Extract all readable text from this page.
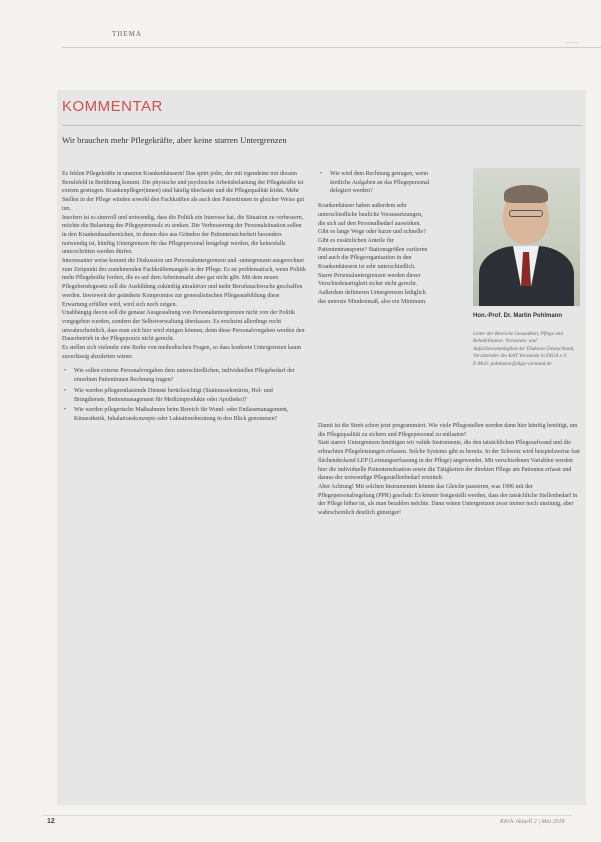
THEMA
KOMMENTAR
Wir brauchen mehr Pflegekräfte, aber keine starren Untergrenzen

Es fehlen Pflegekräfte in unseren Krankenhäusern! Das spürt jeder, der mit irgendeine mit diesem Berufsfeld in Berührung kommt. Die physische und psychische Arbeitsbelastung der Pflegekräfte ist extrem gestiegen. Krankenpfleger(innen) sind häufig überlastet und die Pflegequalität leidet. Mehr Stellen in der Pflege würden sowohl den Fachkräften als auch den Patientinnen in gleicher Weise gut tun.

Insofern ist es sinnvoll und notwendig, dass die Politik ein Interesse hat, die Situation zu verbessern, möchte die Belastung des Pflegepersonals zu senken. Die Verbesserung der Personalsituation sollen in den Krankenhausbereichen, in denen dies aus Gründen der Patientensicherheit besonders notwendig ist, künftig Untergrenzen für das Pflegepersonal festgelegt werden, die keinesfalls unterschritten werden dürfen.

Interessanter weise kommt die Diskussion um Personaluntergrenzen und -untergrenzen ausgerechnet zum Zeitpunkt des zunehmenden Fachkräftemangels in der Pflege. Es ist problematisch, wenn Politik mehr Pflegekräfte fordert, die es auf dem Arbeitsmarkt aber gar nicht gibt. Mit dem neuen Pflegeberufegesetz soll die Ausbildung zukünftig attraktiver und mehr Berufsnachwuchs geschaffen werden. Inwieweit der geänderte Kompromiss zur generalistischen Pflegeausbildung diese Erwartung erfüllen wird, wird sich noch zeigen.

Unabhängig davon soll die genaue Ausgestaltung von Personaluntergrenzen nicht von der Politik vorgegeben werden, sondern der Selbstverwaltung überlassen. Es erscheint allerdings recht unwahrscheinlich, dass man sich hier wird einigen können, denn diese Personalvorgaben werden den Dauerbetrieb in der Pflegepraxis nicht gerecht.

Es stellen sich vielmehr eine Reihe von methodischen Fragen, so dass konkrete Untergrenzen kaum zuverlässig abzuleiten wären:

• Wie sollen externe Personalvorgaben dem unterschiedlichen, individuellen Pflegebedarf der einzelnen Patientinnen Rechnung tragen?
• Wie werden pflegeentlastende Dienste berücksichtigt (Stationssekretärin, Hol- und Bringdienste, Bettenmanagement für Medizinprodukte oder Apotheke)?
• Wie werden pflegerische Maßnahmen beim Bereich für Wund- oder Entlassmanagement, Kinaesthetik, Inhalationskonzepte oder Laktationsberatung in den Blick genommen?
• Wie wird dem Rechnung getragen, wenn ärztliche Aufgaben an das Pflegepersonal delegiert werden?

Krankenhäuser haben außerdem sehr unterschiedliche bauliche Voraussetzungen, die sich auf den Personalbedarf auswirken. Gibt es lange Wege oder kurze und schnelle? Gibt es zusätzlichen Anteile für Patiententransporte? Stationsgrößen variieren und auch die Pflegeorganisation in den Krankenhäusern ist sehr unterschiedlich.

Starre Personaluntergrenzen werden dieser Verschiedenartigkeit sicher nicht gerecht. Außerdem definieren Untergrenzen lediglich das unterste Mindestmaß, also ein Minimum.

Damit ist die Streit schon jetzt programmiert. Wie viele Pflegestellen werden dann hier künftig benötigt, um die Pflegequalität zu sichern und Pflegepersonal zu entlasten?

Statt starrer Untergrenzen benötigen wir valide Instrumente, die den tatsächlichen Pflegeaufwand und die erbrachten Pflegeleistungen erfassen. Solche Systeme gibt es bereits. In der Schweiz wird beispielsweise fast flächendeckend LEP (Leistungserfassung in der Pflege) angewendet. Mit verschiedenen Variablen werden hier die individuelle Patientensituation sowie die Tätigkeiten der direkten Pflege am Patienten erfasst und daraus der notwendige Pflegestellenbedarf ermittelt.

Aber Achtung! Mit solchen Instrumenten könnte das Gleiche passieren, was 1996 mit der Pflegepersonalregelung (PPR) geschah: Es könnte festgestellt werden, dass der tatsächliche Stellenbedarf in der Pflege höher ist, als man bezahlen möchte. Dann wären Untergrenzen zwar immer noch unsinnig, aber wahrscheinlich deutlich günstiger!

Hon.-Prof. Dr. Martin Pohlmann
Leiter der Bereiche Gesundheit, Pflege und Rehabilitation. Vorstands- und Aufsichtsratsmitglied der Diakonie Deutschland, Vorsitzender des KAT Vorstands in DIGA e.V.
E-Mail: pohlmann@diga-vorstand.de
12	KKrh-Aktuell 2 | Mai 2018
